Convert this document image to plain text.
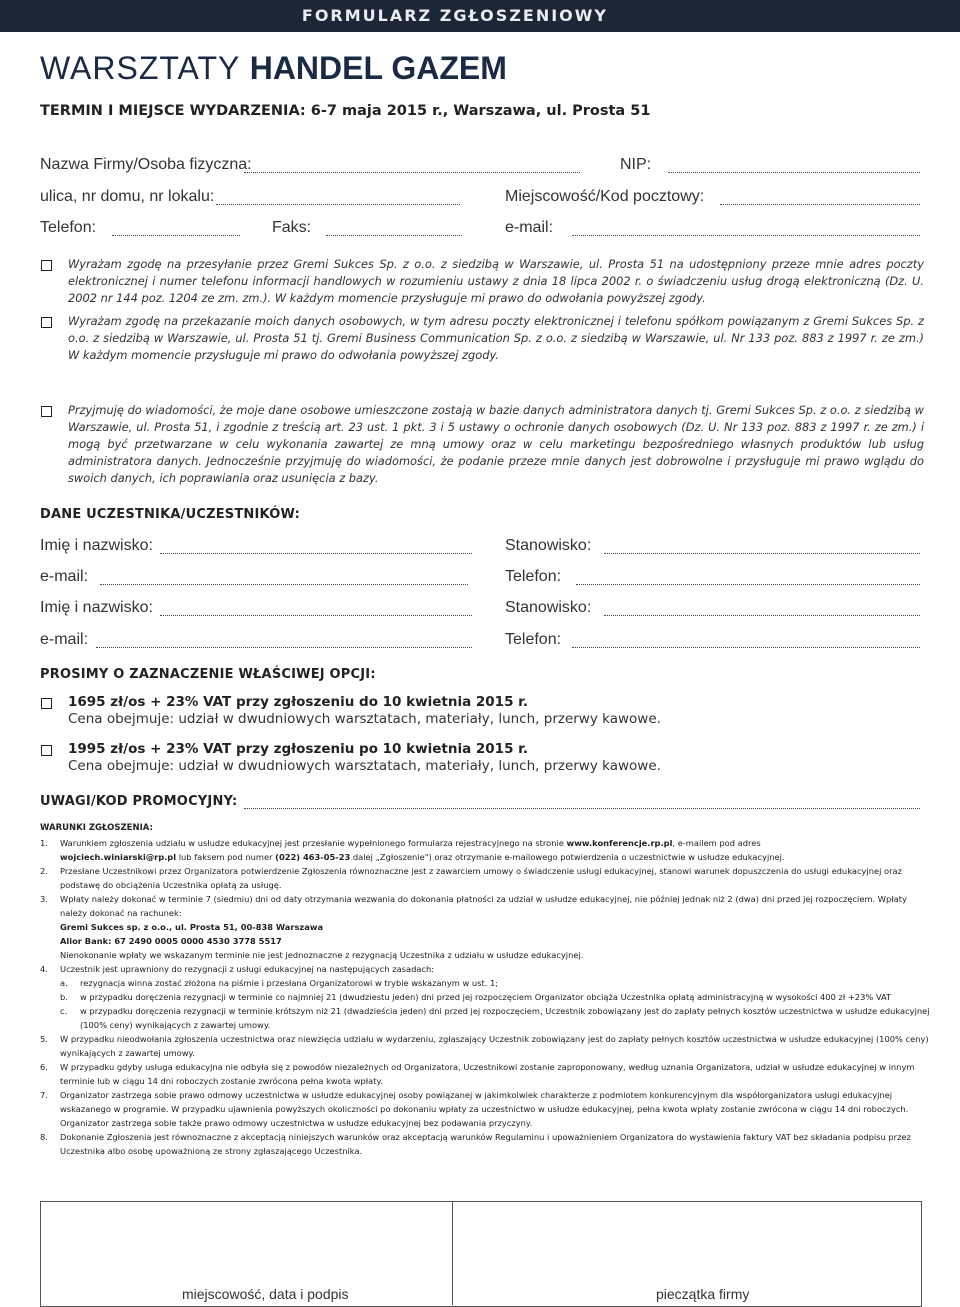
FORMULARZ ZGŁOSZENIOWY
WARSZTATY HANDEL GAZEM
TERMIN I MIEJSCE WYDARZENIA: 6-7 maja 2015 r., Warszawa, ul. Prosta 51
Nazwa Firmy/Osoba fizyczna:	NIP:
ulica, nr domu, nr lokalu:	Miejscowość/Kod pocztowy:
Telefon:	Faks:	e-mail:
Wyrażam zgodę na przesyłanie przez Gremi Sukces Sp. z o.o. z siedzibą w Warszawie, ul. Prosta 51 na udostępniony przeze mnie adres poczty elektronicznej i numer telefonu informacji handlowych w rozumieniu ustawy z dnia 18 lipca 2002 r. o świadczeniu usług drogą elektroniczną (Dz. U. 2002 nr 144 poz. 1204 ze zm. zm.). W każdym momencie przysługuje mi prawo do odwołania powyższej zgody.
Wyrażam zgodę na przekazanie moich danych osobowych, w tym adresu poczty elektronicznej i telefonu spółkom powiązanym z Gremi Sukces Sp. z o.o. z siedzibą w Warszawie, ul. Prosta 51 tj. Gremi Business Communication Sp. z o.o. z siedzibą w Warszawie, ul. Nr 133 poz. 883 z 1997 r. ze zm.) W każdym momencie przysługuje mi prawo do odwołania powyższej zgody.
Przyjmuję do wiadomości, że moje dane osobowe umieszczone zostają w bazie danych administratora danych tj. Gremi Sukces Sp. z o.o. z siedzibą w Warszawie, ul. Prosta 51, i zgodnie z treścią art. 23 ust. 1 pkt. 3 i 5 ustawy o ochronie danych osobowych (Dz. U. Nr 133 poz. 883 z 1997 r. ze zm.) i mogą być przetwarzane w celu wykonania zawartej ze mną umowy oraz w celu marketingu bezpośredniego własnych produktów lub usług administratora danych. Jednocześnie przyjmuję do wiadomości, że podanie przeze mnie danych jest dobrowolne i przysługuje mi prawo wglądu do swoich danych, ich poprawiania oraz usunięcia z bazy.
DANE UCZESTNIKA/UCZESTNIKÓW:
Imię i nazwisko:	Stanowisko:
e-mail:	Telefon:
Imię i nazwisko:	Stanowisko:
e-mail:	Telefon:
PROSIMY O ZAZNACZENIE WŁAŚCIWEJ OPCJI:
1695 zł/os + 23% VAT przy zgłoszeniu do 10 kwietnia 2015 r.
Cena obejmuje: udział w dwudniowych warsztatach, materiały, lunch, przerwy kawowe.
1995 zł/os + 23% VAT przy zgłoszeniu po 10 kwietnia 2015 r.
Cena obejmuje: udział w dwudniowych warsztatach, materiały, lunch, przerwy kawowe.
UWAGI/KOD PROMOCYJNY:
WARUNKI ZGŁOSZENIA:
1. Warunkiem zgłoszenia udziału w usłudze edukacyjnej jest przesłanie wypełnionego formularza rejestracyjnego na stronie www.konferencje.rp.pl, e-mailem pod adres
wojciech.winiarski@rp.pl lub faksem pod numer (022) 463-05-23 dalej „Zgłoszenie") oraz otrzymanie e-mailowego potwierdzenia o uczestnictwie w usłudze edukacyjnej.
2. Przesłane Uczestnikowi przez Organizatora potwierdzenie Zgłoszenia równoznaczne jest z zawarciem umowy o świadczenie usługi edukacyjnej, stanowi warunek dopuszczenia do usługi edukacyjnej oraz podstawę do obciążenia Uczestnika opłatą za usługę.
3. Wpłaty należy dokonać w terminie 7 (siedmiu) dni od daty otrzymania wezwania do dokonania płatności za udział w usłudze edukacyjnej, nie później jednak niż 2 (dwa) dni przed jej rozpoczęciem. Wpłaty należy dokonać na rachunek:
Gremi Sukces sp. z o.o., ul. Prosta 51, 00-838 Warszawa
Alior Bank: 67 2490 0005 0000 4530 3778 5517
Nienokonanie wpłaty we wskazanym terminie nie jest jednoznaczne z rezygnacją Uczestnika z udziału w usłudze edukacyjnej.
4. Uczestnik jest uprawniony do rezygnacji z usługi edukacyjnej na następujących zasadach:
a. rezygnacja winna zostać złożona na piśmie i przesłana Organizatorowi w trybie wskazanym w ust. 1;
b. w przypadku doręczenia rezygnacji w terminie co najmniej 21 (dwudziestu jeden) dni przed jej rozpoczęciem Organizator obciąża Uczestnika opłatą administracyjną w wysokości 400 zł +23% VAT
c. w przypadku doręczenia rezygnacji w terminie krótszym niż 21 (dwadzieścia jeden) dni przed jej rozpoczęciem, Uczestnik zobowiązany jest do zapłaty pełnych kosztów uczestnictwa w usłudze edukacyjnej (100% ceny) wynikających z zawartej umowy.
5. W przypadku nieodwołania zgłoszenia uczestnictwa oraz niewzięcia udziału w wydarzeniu, zgłaszający Uczestnik zobowiązany jest do zapłaty pełnych kosztów uczestnictwa w usłudze edukacyjnej (100% ceny) wynikających z zawartej umowy.
6. W przypadku gdyby usługa edukacyjna nie odbyła się z powodów niezależnych od Organizatora, Uczestnikowi zostanie zaproponowany, według uznania Organizatora, udział w usłudze edukacyjnej w innym terminie lub w ciągu 14 dni roboczych zostanie zwrócona pełna kwota wpłaty.
7. Organizator zastrzega sobie prawo odmowy uczestnictwa w usłudze edukacyjnej osoby powiązanej w jakimkolwiek charakterze z podmiotem konkurencyjnym dla współorganizatora usługi edukacyjnej wskazanego w programie. W przypadku ujawnienia powyższych okoliczności po dokonaniu wpłaty za uczestnictwo w usłudze edukacyjnej, pełna kwota wpłaty zostanie zwrócona w ciągu 14 dni roboczych. Organizator zastrzega sobie także prawo odmowy uczestnictwa w usłudze edukacyjnej bez podawania przyczyny.
8. Dokonanie Zgłoszenia jest równoznaczne z akceptacją niniejszych warunków oraz akceptacją warunków Regulaminu i upoważnieniem Organizatora do wystawienia faktury VAT bez składania podpisu przez Uczestnika albo osobę upoważnioną ze strony zgłaszającego Uczestnika.
miejscowość, data i podpis	pieczątka firmy
